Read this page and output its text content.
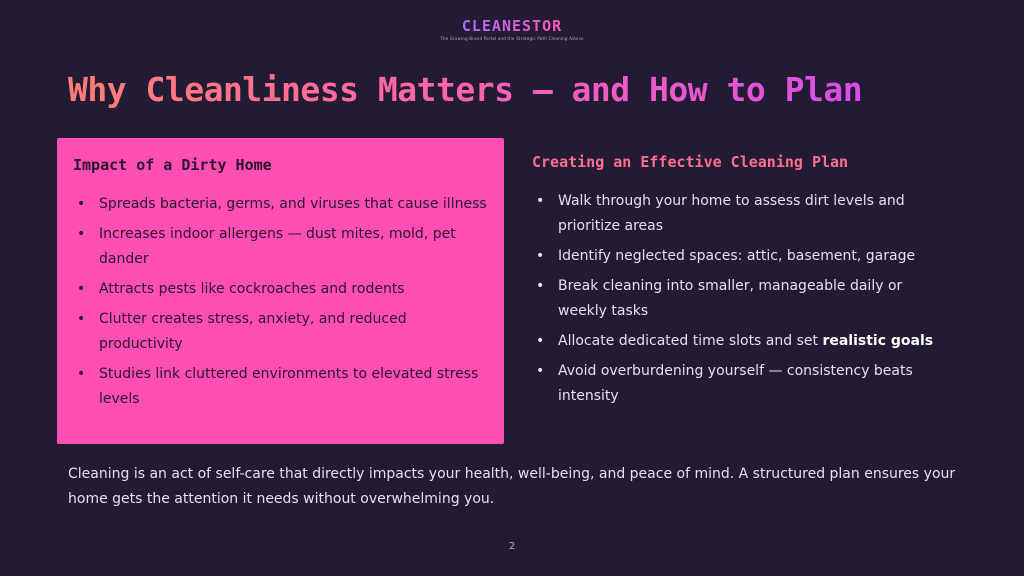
CLEANESTOR
The Growing Brand Portal and the Strategic Path Cleaning Advice
Why Cleanliness Matters — and How to Plan
Impact of a Dirty Home
• Spreads bacteria, germs, and viruses that cause illness
• Increases indoor allergens — dust mites, mold, pet dander
• Attracts pests like cockroaches and rodents
• Clutter creates stress, anxiety, and reduced productivity
• Studies link cluttered environments to elevated stress levels
Creating an Effective Cleaning Plan
• Walk through your home to assess dirt levels and prioritize areas
• Identify neglected spaces: attic, basement, garage
• Break cleaning into smaller, manageable daily or weekly tasks
• Allocate dedicated time slots and set realistic goals
• Avoid overburdening yourself — consistency beats intensity
Cleaning is an act of self-care that directly impacts your health, well-being, and peace of mind. A structured plan ensures your home gets the attention it needs without overwhelming you.
2
